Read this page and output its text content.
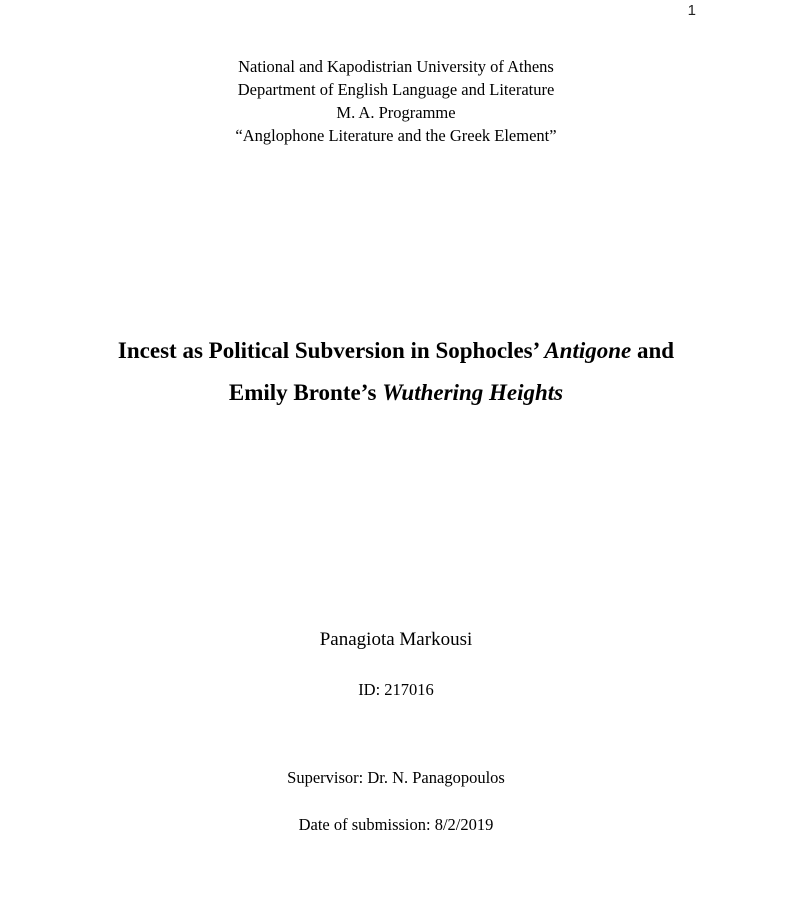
1
National and Kapodistrian University of Athens
Department of English Language and Literature
M. A. Programme
“Anglophone Literature and the Greek Element”
Incest as Political Subversion in Sophocles’ Antigone and
Emily Bronte’s Wuthering Heights
Panagiota Markousi
ID: 217016
Supervisor: Dr. N. Panagopoulos
Date of submission: 8/2/2019
